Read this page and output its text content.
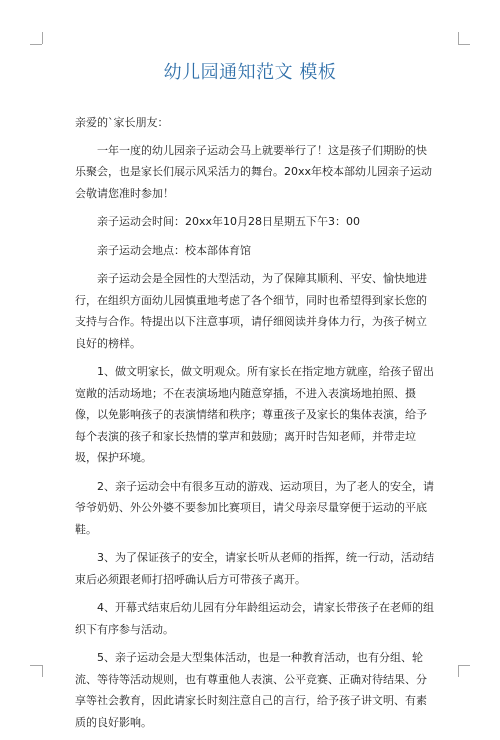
幼儿园通知范文 模板

亲爱的`家长朋友：

一年一度的幼儿园亲子运动会马上就要举行了！这是孩子们期盼的快乐聚会，也是家长们展示风采活力的舞台。20xx年校本部幼儿园亲子运动会敬请您准时参加！

亲子运动会时间：20xx年10月28日星期五下午3：00

亲子运动会地点：校本部体育馆

亲子运动会是全园性的大型活动，为了保障其顺利、平安、愉快地进行，在组织方面幼儿园慎重地考虑了各个细节，同时也希望得到家长您的支持与合作。特提出以下注意事项，请仔细阅读并身体力行，为孩子树立良好的榜样。

1、做文明家长，做文明观众。所有家长在指定地方就座，给孩子留出宽敞的活动场地；不在表演场地内随意穿插，不进入表演场地拍照、摄像，以免影响孩子的表演情绪和秩序；尊重孩子及家长的集体表演，给予每个表演的孩子和家长热情的掌声和鼓励；离开时告知老师，并带走垃圾，保护环境。

2、亲子运动会中有很多互动的游戏、运动项目，为了老人的安全，请爷爷奶奶、外公外婆不要参加比赛项目，请父母亲尽量穿便于运动的平底鞋。

3、为了保证孩子的安全，请家长听从老师的指挥，统一行动，活动结束后必须跟老师打招呼确认后方可带孩子离开。

4、开幕式结束后幼儿园有分年龄组运动会，请家长带孩子在老师的组织下有序参与活动。

5、亲子运动会是大型集体活动，也是一种教育活动，也有分组、轮流、等待等活动规则，也有尊重他人表演、公平竞赛、正确对待结果、分享等社会教育，因此请家长时刻注意自己的言行，给予孩子讲文明、有素质的良好影响。
